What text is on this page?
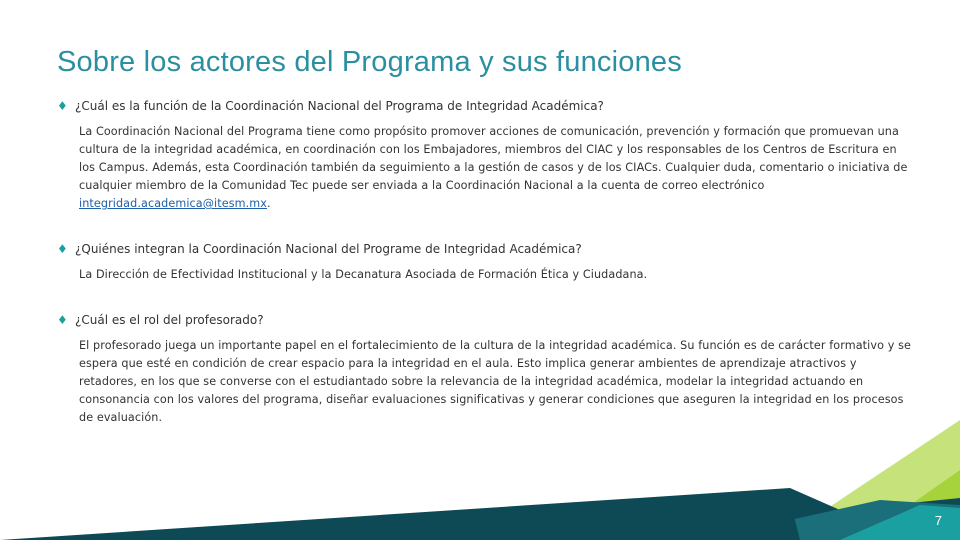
Sobre los actores del Programa y sus funciones
♦ ¿Cuál es la función de la Coordinación Nacional del Programa de Integridad Académica?
La Coordinación Nacional del Programa tiene como propósito promover acciones de comunicación, prevención y formación que promuevan una cultura de la integridad académica, en coordinación con los Embajadores, miembros del CIAC y los responsables de los Centros de Escritura en los Campus. Además, esta Coordinación también da seguimiento a la gestión de casos y de los CIACs. Cualquier duda, comentario o iniciativa de cualquier miembro de la Comunidad Tec puede ser enviada a la Coordinación Nacional a la cuenta de correo electrónico integridad.academica@itesm.mx.
♦ ¿Quiénes integran la Coordinación Nacional del Programe de Integridad Académica?
La Dirección de Efectividad Institucional y la Decanatura Asociada de Formación Ética y Ciudadana.
♦ ¿Cuál es el rol del profesorado?
El profesorado juega un importante papel en el fortalecimiento de la cultura de la integridad académica. Su función es de carácter formativo y se espera que esté en condición de crear espacio para la integridad en el aula. Esto implica generar ambientes de aprendizaje atractivos y retadores, en los que se converse con el estudiantado sobre la relevancia de la integridad académica, modelar la integridad actuando en consonancia con los valores del programa, diseñar evaluaciones significativas y generar condiciones que aseguren la integridad en los procesos de evaluación.
7
